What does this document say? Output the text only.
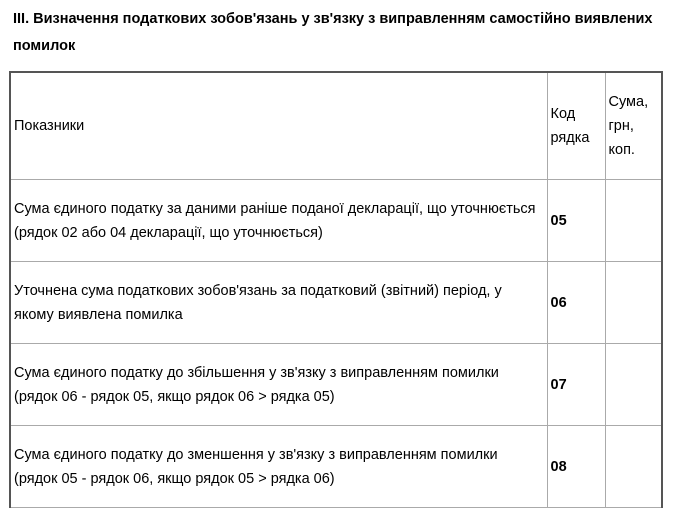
ІІІ. Визначення податкових зобов'язань у зв'язку з виправленням самостійно виявлених помилок

Показники	Код рядка	Сума, грн, коп.
Сума єдиного податку за даними раніше поданої декларації, що уточнюється (рядок 02 або 04 декларації, що уточнюється)	05	
Уточнена сума податкових зобов'язань за податковий (звітний) період, у якому виявлена помилка	06	
Сума єдиного податку до збільшення у зв'язку з виправленням помилки (рядок 06 - рядок 05, якщо рядок 06 > рядка 05)	07	
Сума єдиного податку до зменшення у зв'язку з виправленням помилки (рядок 05 - рядок 06, якщо рядок 05 > рядка 06)	08	
